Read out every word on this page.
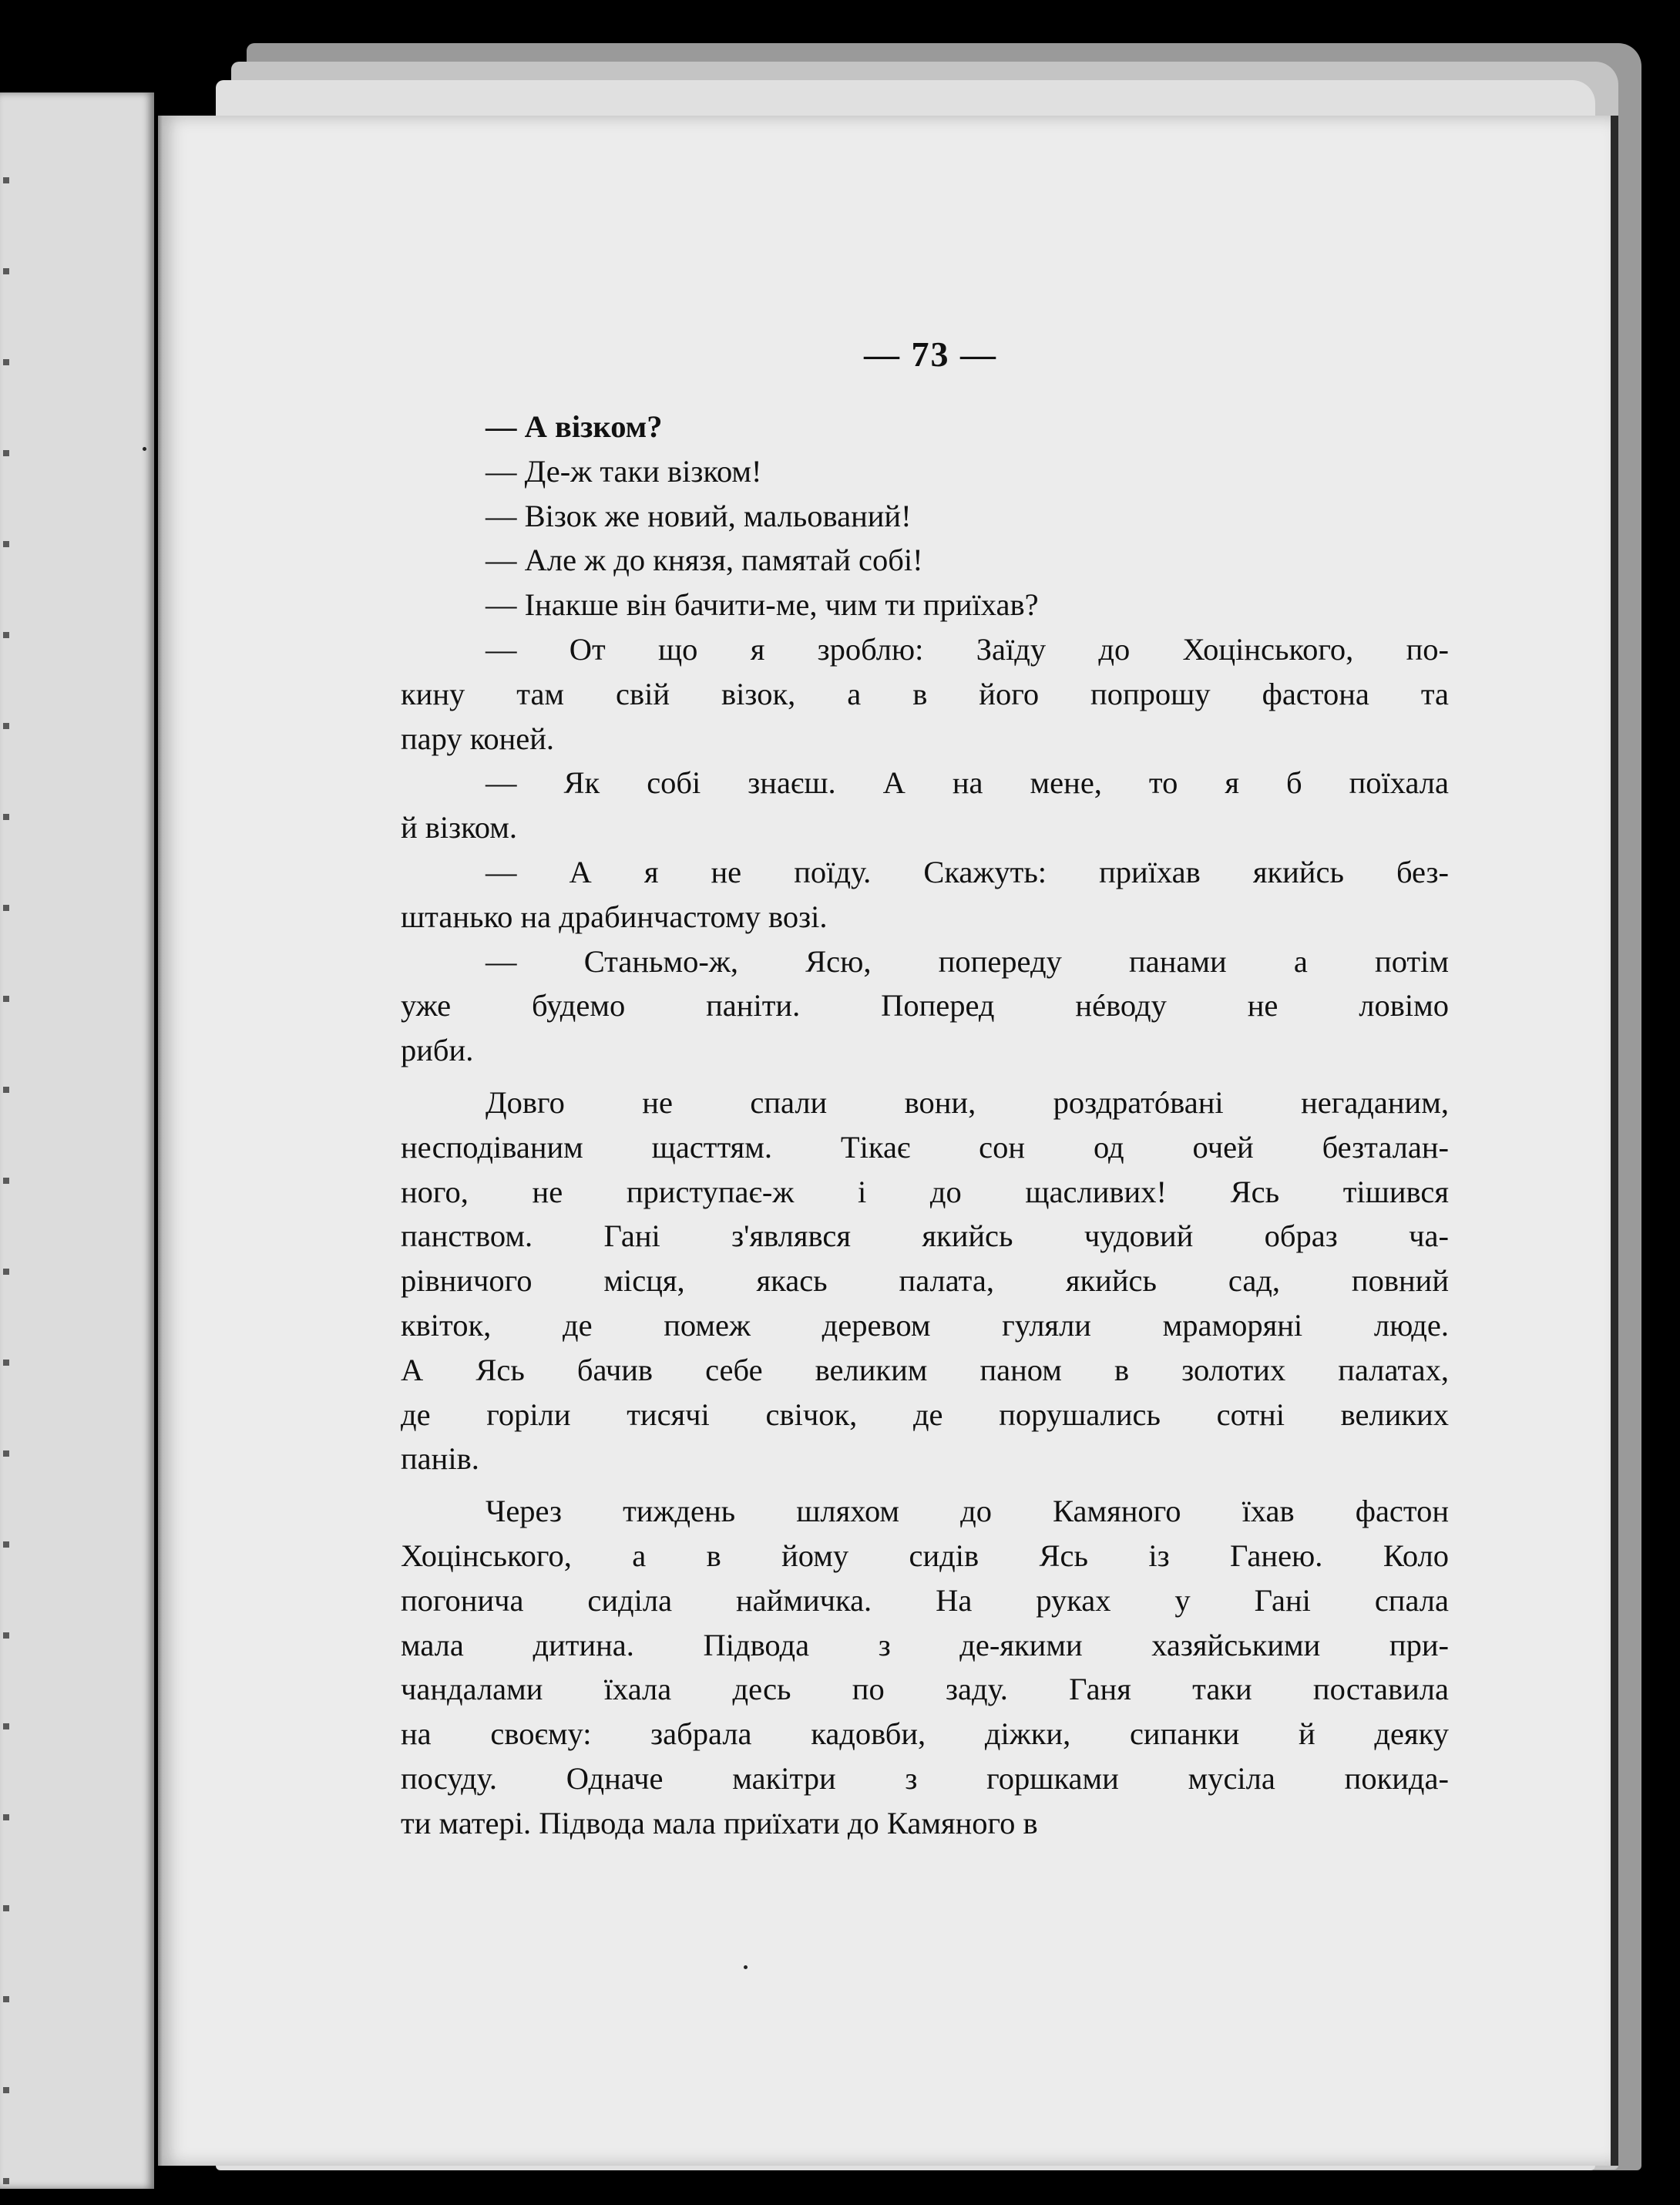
— 73 —
— А візком?
— Де-ж таки візком!
— Візок же новий, мальований!
— Але ж до князя, памятай собі!
— Інакше він бачити-ме, чим ти приїхав?
— От що я зроблю: Заїду до Хоцінського, по-
кину там свій візок, а в його попрошу фастона та
пару коней.
— Як собі знаєш. А на мене, то я б поїхала
й візком.
— А я не поїду. Скажуть: приїхав якийсь без-
штанько на драбинчастому возі.
— Станьмо-ж, Ясю, попереду панами а потім
уже будемо паніти. Поперед нéводу не ловімо
риби.
Довго не спали вони, роздратóвані негаданим,
несподіваним щасттям. Тікає сон од очей безталан-
ного, не приступає-ж і до щасливих! Ясь тішився
панством. Гані з'являвся якийсь чудовий образ ча-
рівничого місця, якась палата, якийсь сад, повний
квіток, де помеж деревом гуляли мраморяні люде.
А Ясь бачив себе великим паном в золотих палатах,
де горіли тисячі свічок, де порушались сотні великих
панів.
Через тиждень шляхом до Камяного їхав фастон
Хоцінського, а в йому сидів Ясь із Ганею. Коло
погонича сиділа наймичка. На руках у Гані спала
мала дитина. Підвода з де-якими хазяйськими при-
чандалами їхала десь по заду. Ганя таки поставила
на своєму: забрала кадовби, діжки, сипанки й деяку
посуду. Одначе макітри з горшками мусіла покида-
ти матері. Підвода мала приїхати до Камяного в
